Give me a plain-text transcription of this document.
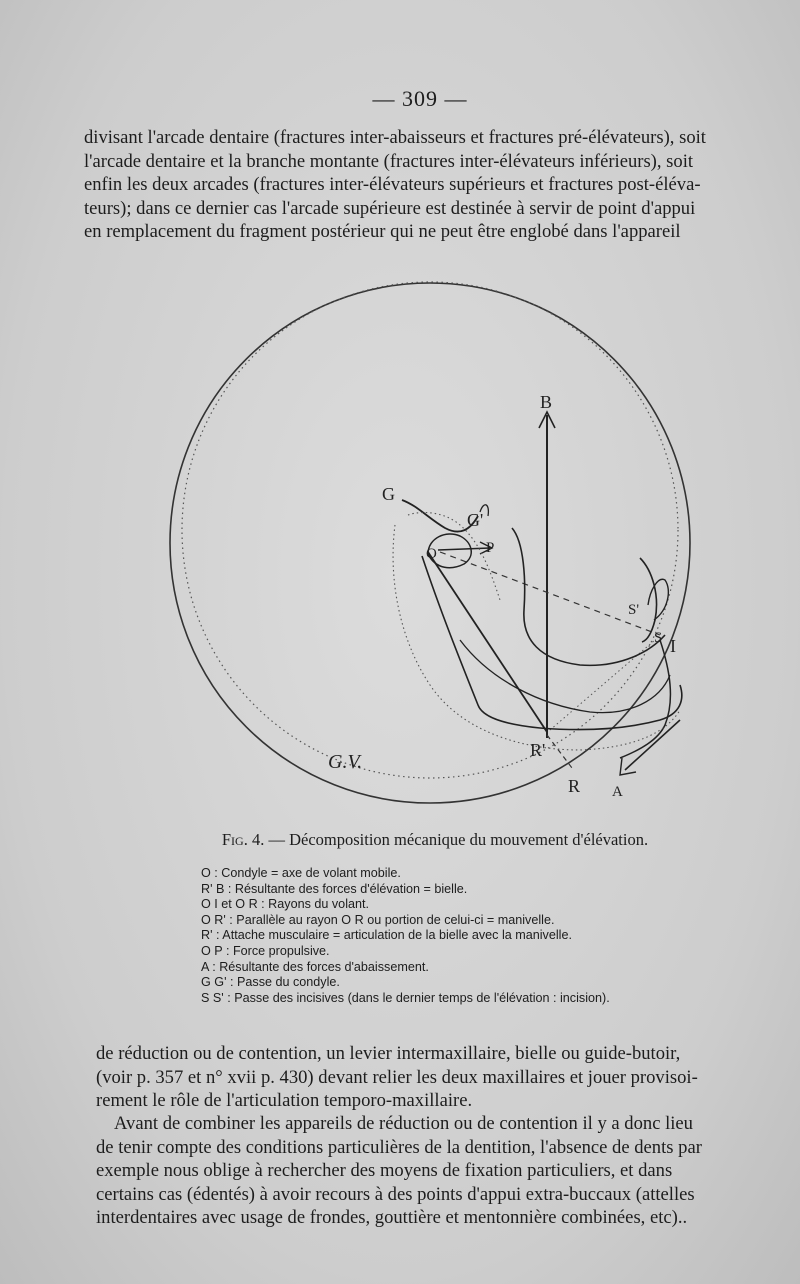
— 309 —

divisant l'arcade dentaire (fractures inter-abaisseurs et fractures pré-élévateurs), soit
l'arcade dentaire et la branche montante (fractures inter-élévateurs inférieurs), soit
enfin les deux arcades (fractures inter-élévateurs supérieurs et fractures post-éléva-
teurs); dans ce dernier cas l'arcade supérieure est destinée à servir de point d'appui
en remplacement du fragment postérieur qui ne peut être englobé dans l'appareil

B
G
G'
O	P
S'
S I
R'
R A
G.V.
Fig. 4. — Décomposition mécanique du mouvement d'élévation.
O : Condyle = axe de volant mobile.
R' B : Résultante des forces d'élévation = bielle.
O I et O R : Rayons du volant.
O R' : Parallèle au rayon O R ou portion de celui-ci = manivelle.
R' : Attache musculaire = articulation de la bielle avec la manivelle.
O P : Force propulsive.
A : Résultante des forces d'abaissement.
G G' : Passe du condyle.
S S' : Passe des incisives (dans le dernier temps de l'élévation : incision).

de réduction ou de contention, un levier intermaxillaire, bielle ou guide-butoir,
(voir p. 357 et n° xvii p. 430) devant relier les deux maxillaires et jouer provisoi-
rement le rôle de l'articulation temporo-maxillaire.

Avant de combiner les appareils de réduction ou de contention il y a donc lieu
de tenir compte des conditions particulières de la dentition, l'absence de dents par
exemple nous oblige à rechercher des moyens de fixation particuliers, et dans
certains cas (édentés) à avoir recours à des points d'appui extra-buccaux (attelles
interdentaires avec usage de frondes, gouttière et mentonnière combinées, etc)..
